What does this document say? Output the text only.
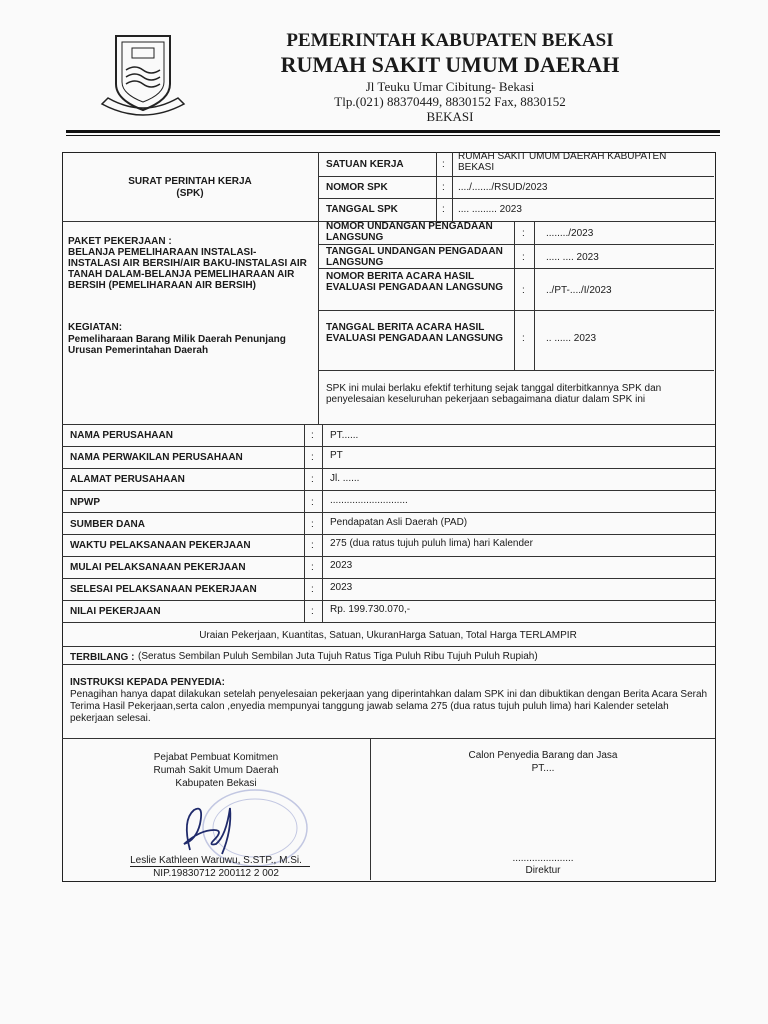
PEMERINTAH KABUPATEN BEKASI
RUMAH SAKIT UMUM DAERAH
Jl Teuku Umar Cibitung- Bekasi
Tlp.(021) 88370449, 8830152 Fax, 8830152
BEKASI
SURAT PERINTAH KERJA
(SPK)
SATUAN KERJA	:
RUMAH SAKIT UMUM DAERAH KABUPATEN BEKASI
NOMOR SPK	: ..../......./RSUD/2023
TANGGAL SPK	: .... ......... 2023
PAKET PEKERJAAN :
BELANJA PEMELIHARAAN INSTALASI-INSTALASI AIR BERSIH/AIR BAKU-INSTALASI AIR TANAH DALAM-BELANJA PEMELIHARAAN AIR BERSIH (PEMELIHARAAN AIR BERSIH)
KEGIATAN:
Pemeliharaan Barang Milik Daerah Penunjang Urusan Pemerintahan Daerah
NOMOR UNDANGAN PENGADAAN LANGSUNG	: ......../2023
TANGGAL UNDANGAN PENGADAAN LANGSUNG	: ..... .... 2023
NOMOR BERITA ACARA HASIL EVALUASI PENGADAAN LANGSUNG : ../PT-..../I/2023
TANGGAL BERITA ACARA HASIL EVALUASI PENGADAAN LANGSUNG : .. ...... 2023
SPK ini mulai berlaku efektif terhitung sejak tanggal diterbitkannya SPK dan penyelesaian keseluruhan pekerjaan sebagaimana diatur dalam SPK ini
NAMA PERUSAHAAN	: PT......
NAMA PERWAKILAN PERUSAHAAN	: PT
ALAMAT PERUSAHAAN	: Jl. ......
NPWP	: ............................
SUMBER DANA	: Pendapatan Asli Daerah (PAD)
WAKTU PELAKSANAAN PEKERJAAN	: 275 (dua ratus tujuh puluh lima) hari Kalender
MULAI PELAKSANAAN PEKERJAAN	: 2023
SELESAI PELAKSANAAN PEKERJAAN	: 2023
NILAI PEKERJAAN	: Rp. 199.730.070,-
Uraian Pekerjaan, Kuantitas, Satuan, UkuranHarga Satuan, Total Harga TERLAMPIR
TERBILANG : (Seratus Sembilan Puluh Sembilan Juta Tujuh Ratus Tiga Puluh Ribu Tujuh Puluh Rupiah)
INSTRUKSI KEPADA PENYEDIA:
Penagihan hanya dapat dilakukan setelah penyelesaian pekerjaan yang diperintahkan dalam SPK ini dan dibuktikan dengan Berita Acara Serah Terima Hasil Pekerjaan,serta calon ,enyedia mempunyai tanggung jawab selama 275 (dua ratus tujuh puluh lima) hari Kalender setelah pekerjaan selesai.
Pejabat Pembuat Komitmen
Rumah Sakit Umum Daerah
Kabupaten Bekasi
Leslie Kathleen Waruwu, S.STP., M.Si.
NIP.19830712 200112 2 002
Calon Penyedia Barang dan Jasa
PT....
......................
Direktur
